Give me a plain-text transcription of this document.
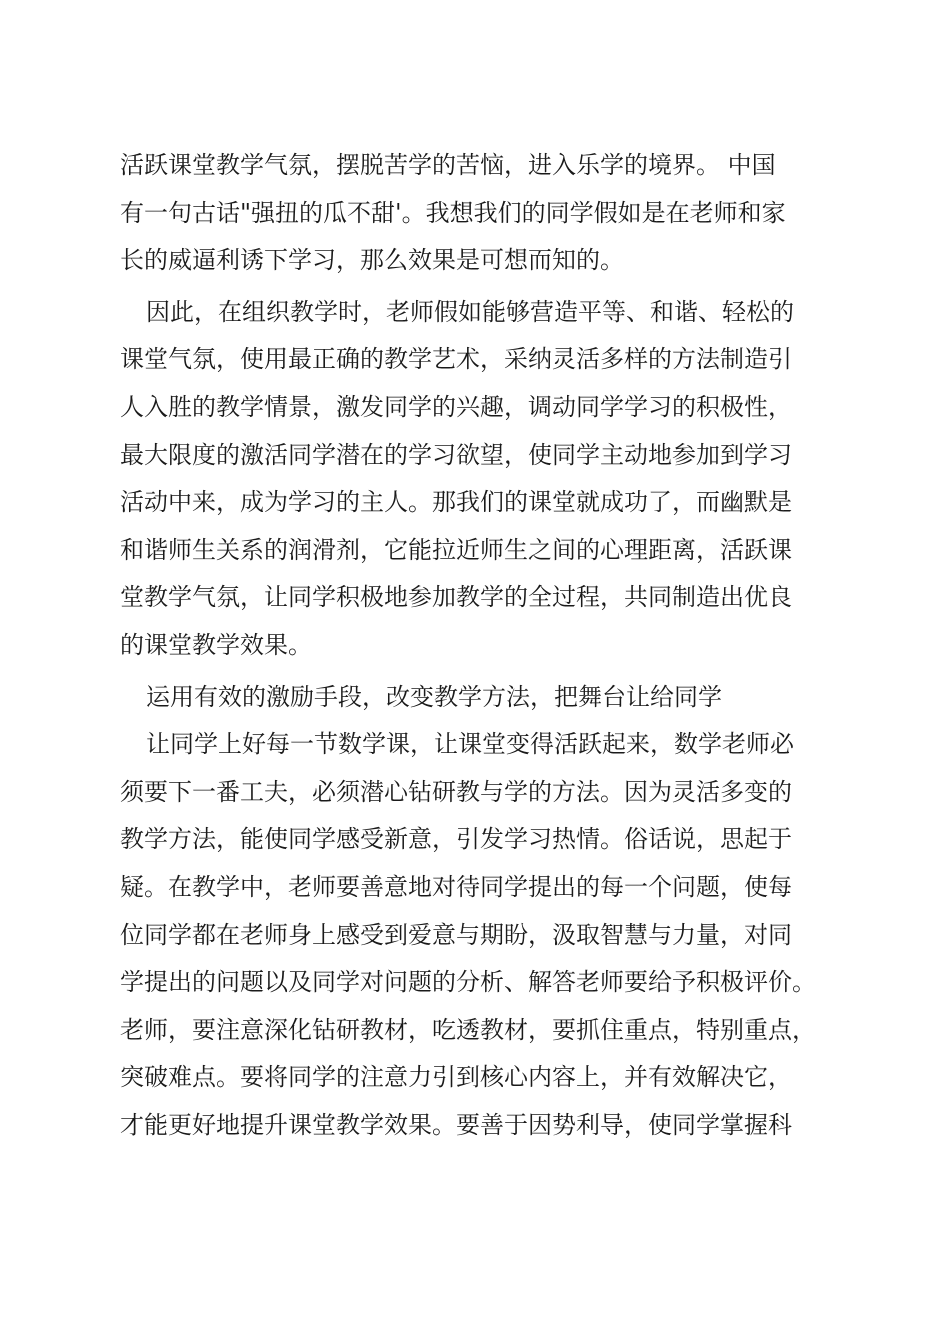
活跃课堂教学气氛，摆脱苦学的苦恼，进入乐学的境界。 中国
有一句古话"强扭的瓜不甜'。我想我们的同学假如是在老师和家
长的威逼利诱下学习，那么效果是可想而知的。
因此，在组织教学时，老师假如能够营造平等、和谐、轻松的
课堂气氛，使用最正确的教学艺术，采纳灵活多样的方法制造引
人入胜的教学情景，激发同学的兴趣，调动同学学习的积极性，
最大限度的激活同学潜在的学习欲望，使同学主动地参加到学习
活动中来，成为学习的主人。那我们的课堂就成功了，而幽默是
和谐师生关系的润滑剂，它能拉近师生之间的心理距离，活跃课
堂教学气氛，让同学积极地参加教学的全过程，共同制造出优良
的课堂教学效果。
运用有效的激励手段，改变教学方法，把舞台让给同学
让同学上好每一节数学课，让课堂变得活跃起来，数学老师必
须要下一番工夫，必须潜心钻研教与学的方法。因为灵活多变的
教学方法，能使同学感受新意，引发学习热情。俗话说，思起于
疑。在教学中，老师要善意地对待同学提出的每一个问题，使每
位同学都在老师身上感受到爱意与期盼，汲取智慧与力量，对同
学提出的问题以及同学对问题的分析、解答老师要给予积极评价。
老师，要注意深化钻研教材，吃透教材，要抓住重点，特别重点，
突破难点。要将同学的注意力引到核心内容上，并有效解决它，
才能更好地提升课堂教学效果。要善于因势利导，使同学掌握科
